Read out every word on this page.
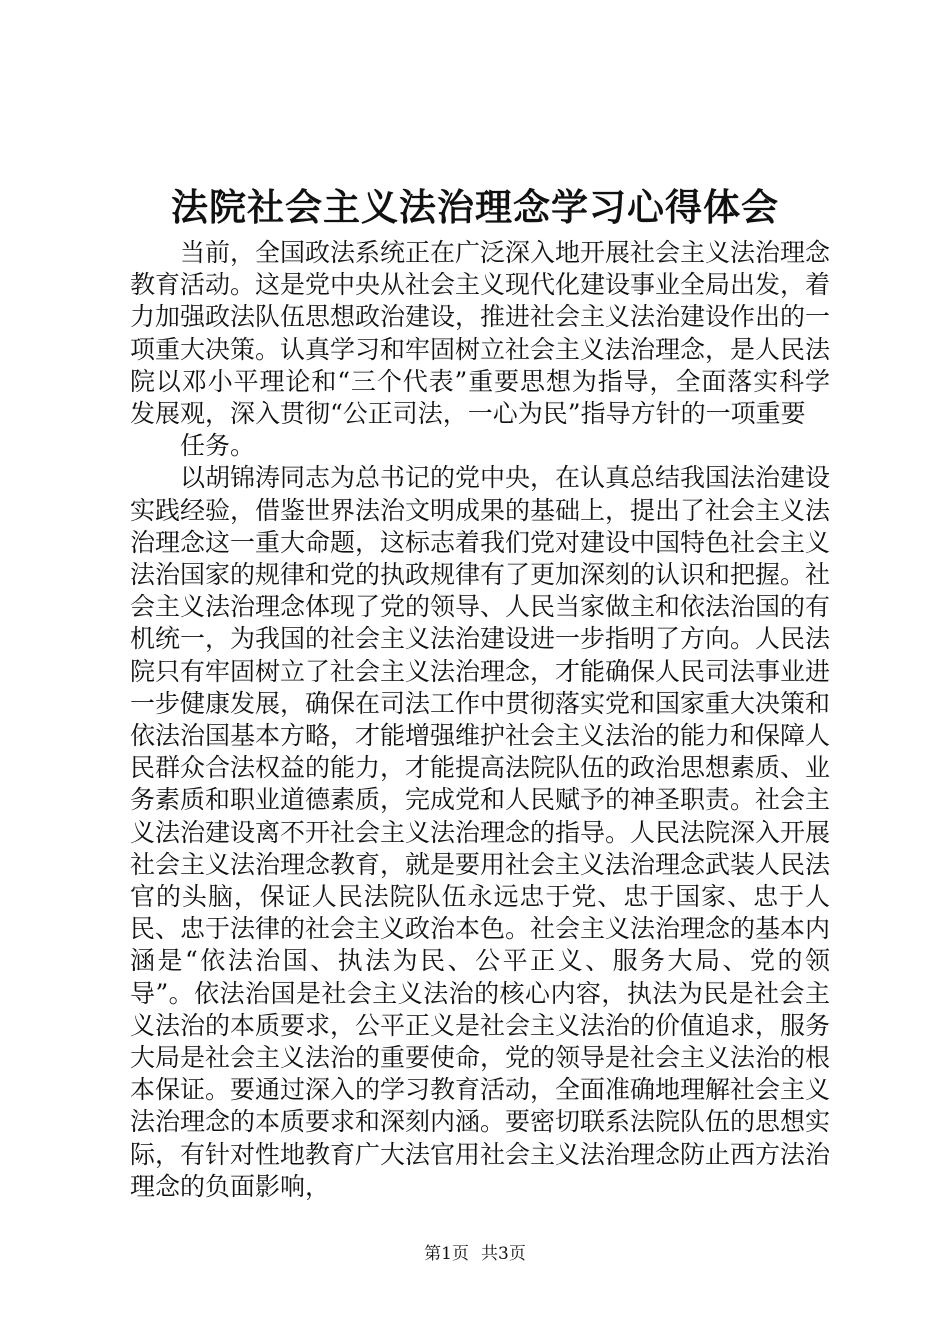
法院社会主义法治理念学习心得体会

当前，全国政法系统正在广泛深入地开展社会主义法治理念教育活动。这是党中央从社会主义现代化建设事业全局出发，着力加强政法队伍思想政治建设，推进社会主义法治建设作出的一项重大决策。认真学习和牢固树立社会主义法治理念，是人民法院以邓小平理论和“三个代表”重要思想为指导，全面落实科学发展观，深入贯彻“公正司法，一心为民”指导方针的一项重要

任务。

以胡锦涛同志为总书记的党中央，在认真总结我国法治建设实践经验，借鉴世界法治文明成果的基础上，提出了社会主义法治理念这一重大命题，这标志着我们党对建设中国特色社会主义法治国家的规律和党的执政规律有了更加深刻的认识和把握。社会主义法治理念体现了党的领导、人民当家做主和依法治国的有机统一，为我国的社会主义法治建设进一步指明了方向。人民法院只有牢固树立了社会主义法治理念，才能确保人民司法事业进一步健康发展，确保在司法工作中贯彻落实党和国家重大决策和依法治国基本方略，才能增强维护社会主义法治的能力和保障人民群众合法权益的能力，才能提高法院队伍的政治思想素质、业务素质和职业道德素质，完成党和人民赋予的神圣职责。社会主义法治建设离不开社会主义法治理念的指导。人民法院深入开展社会主义法治理念教育，就是要用社会主义法治理念武装人民法官的头脑，保证人民法院队伍永远忠于党、忠于国家、忠于人民、忠于法律的社会主义政治本色。社会主义法治理念的基本内涵是“依法治国、执法为民、公平正义、服务大局、党的领导”。依法治国是社会主义法治的核心内容，执法为民是社会主义法治的本质要求，公平正义是社会主义法治的价值追求，服务大局是社会主义法治的重要使命，党的领导是社会主义法治的根本保证。要通过深入的学习教育活动，全面准确地理解社会主义法治理念的本质要求和深刻内涵。要密切联系法院队伍的思想实际，有针对性地教育广大法官用社会主义法治理念防止西方法治理念的负面影响，

第1页 共3页
